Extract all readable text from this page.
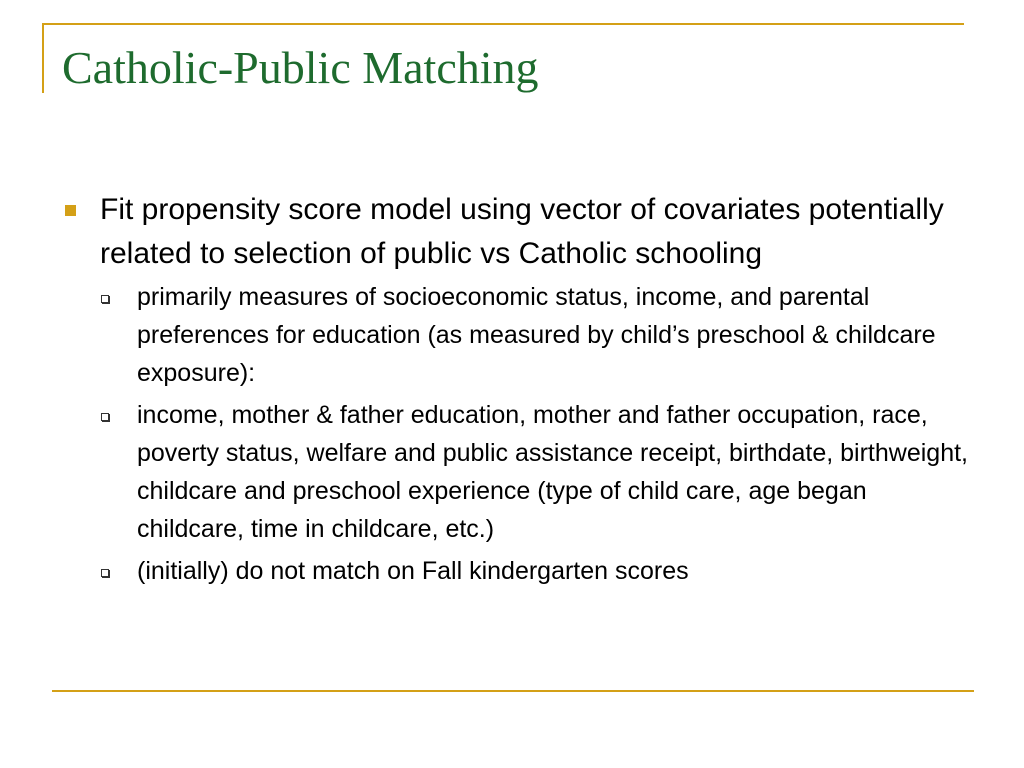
Catholic-Public Matching
Fit propensity score model using vector of covariates potentially related to selection of public vs Catholic schooling
primarily measures of socioeconomic status, income, and parental preferences for education (as measured by child’s preschool & childcare exposure):
income, mother & father education, mother and father occupation, race, poverty status, welfare and public assistance receipt, birthdate, birthweight, childcare and preschool experience (type of child care, age began childcare, time in childcare, etc.)
(initially) do not match on Fall kindergarten scores
